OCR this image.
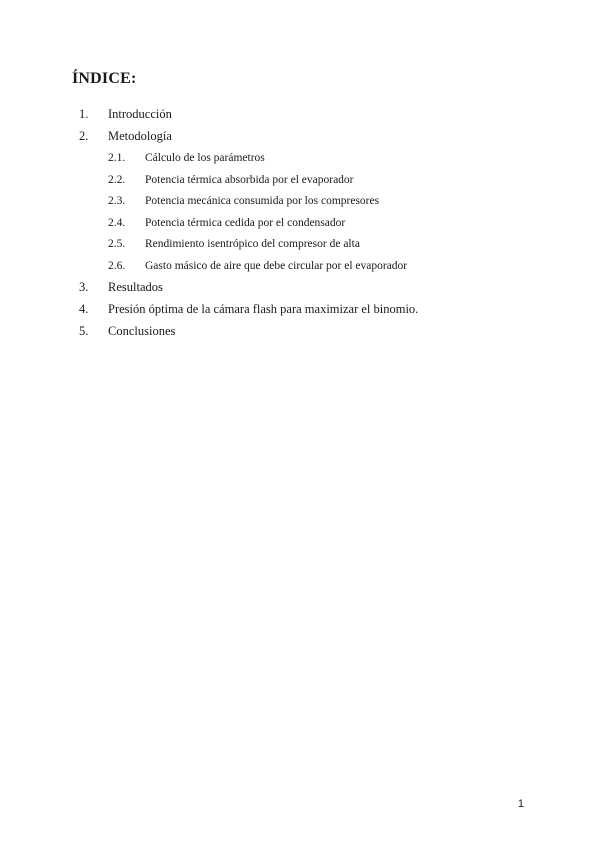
ÍNDICE:
1. Introducción
2. Metodología
2.1. Cálculo de los parámetros
2.2. Potencia térmica absorbida por el evaporador
2.3. Potencia mecánica consumida por los compresores
2.4. Potencia térmica cedida por el condensador
2.5. Rendimiento isentrópico del compresor de alta
2.6. Gasto másico de aire que debe circular por el evaporador
3. Resultados
4. Presión óptima de la cámara flash para maximizar el binomio.
5. Conclusiones
1
